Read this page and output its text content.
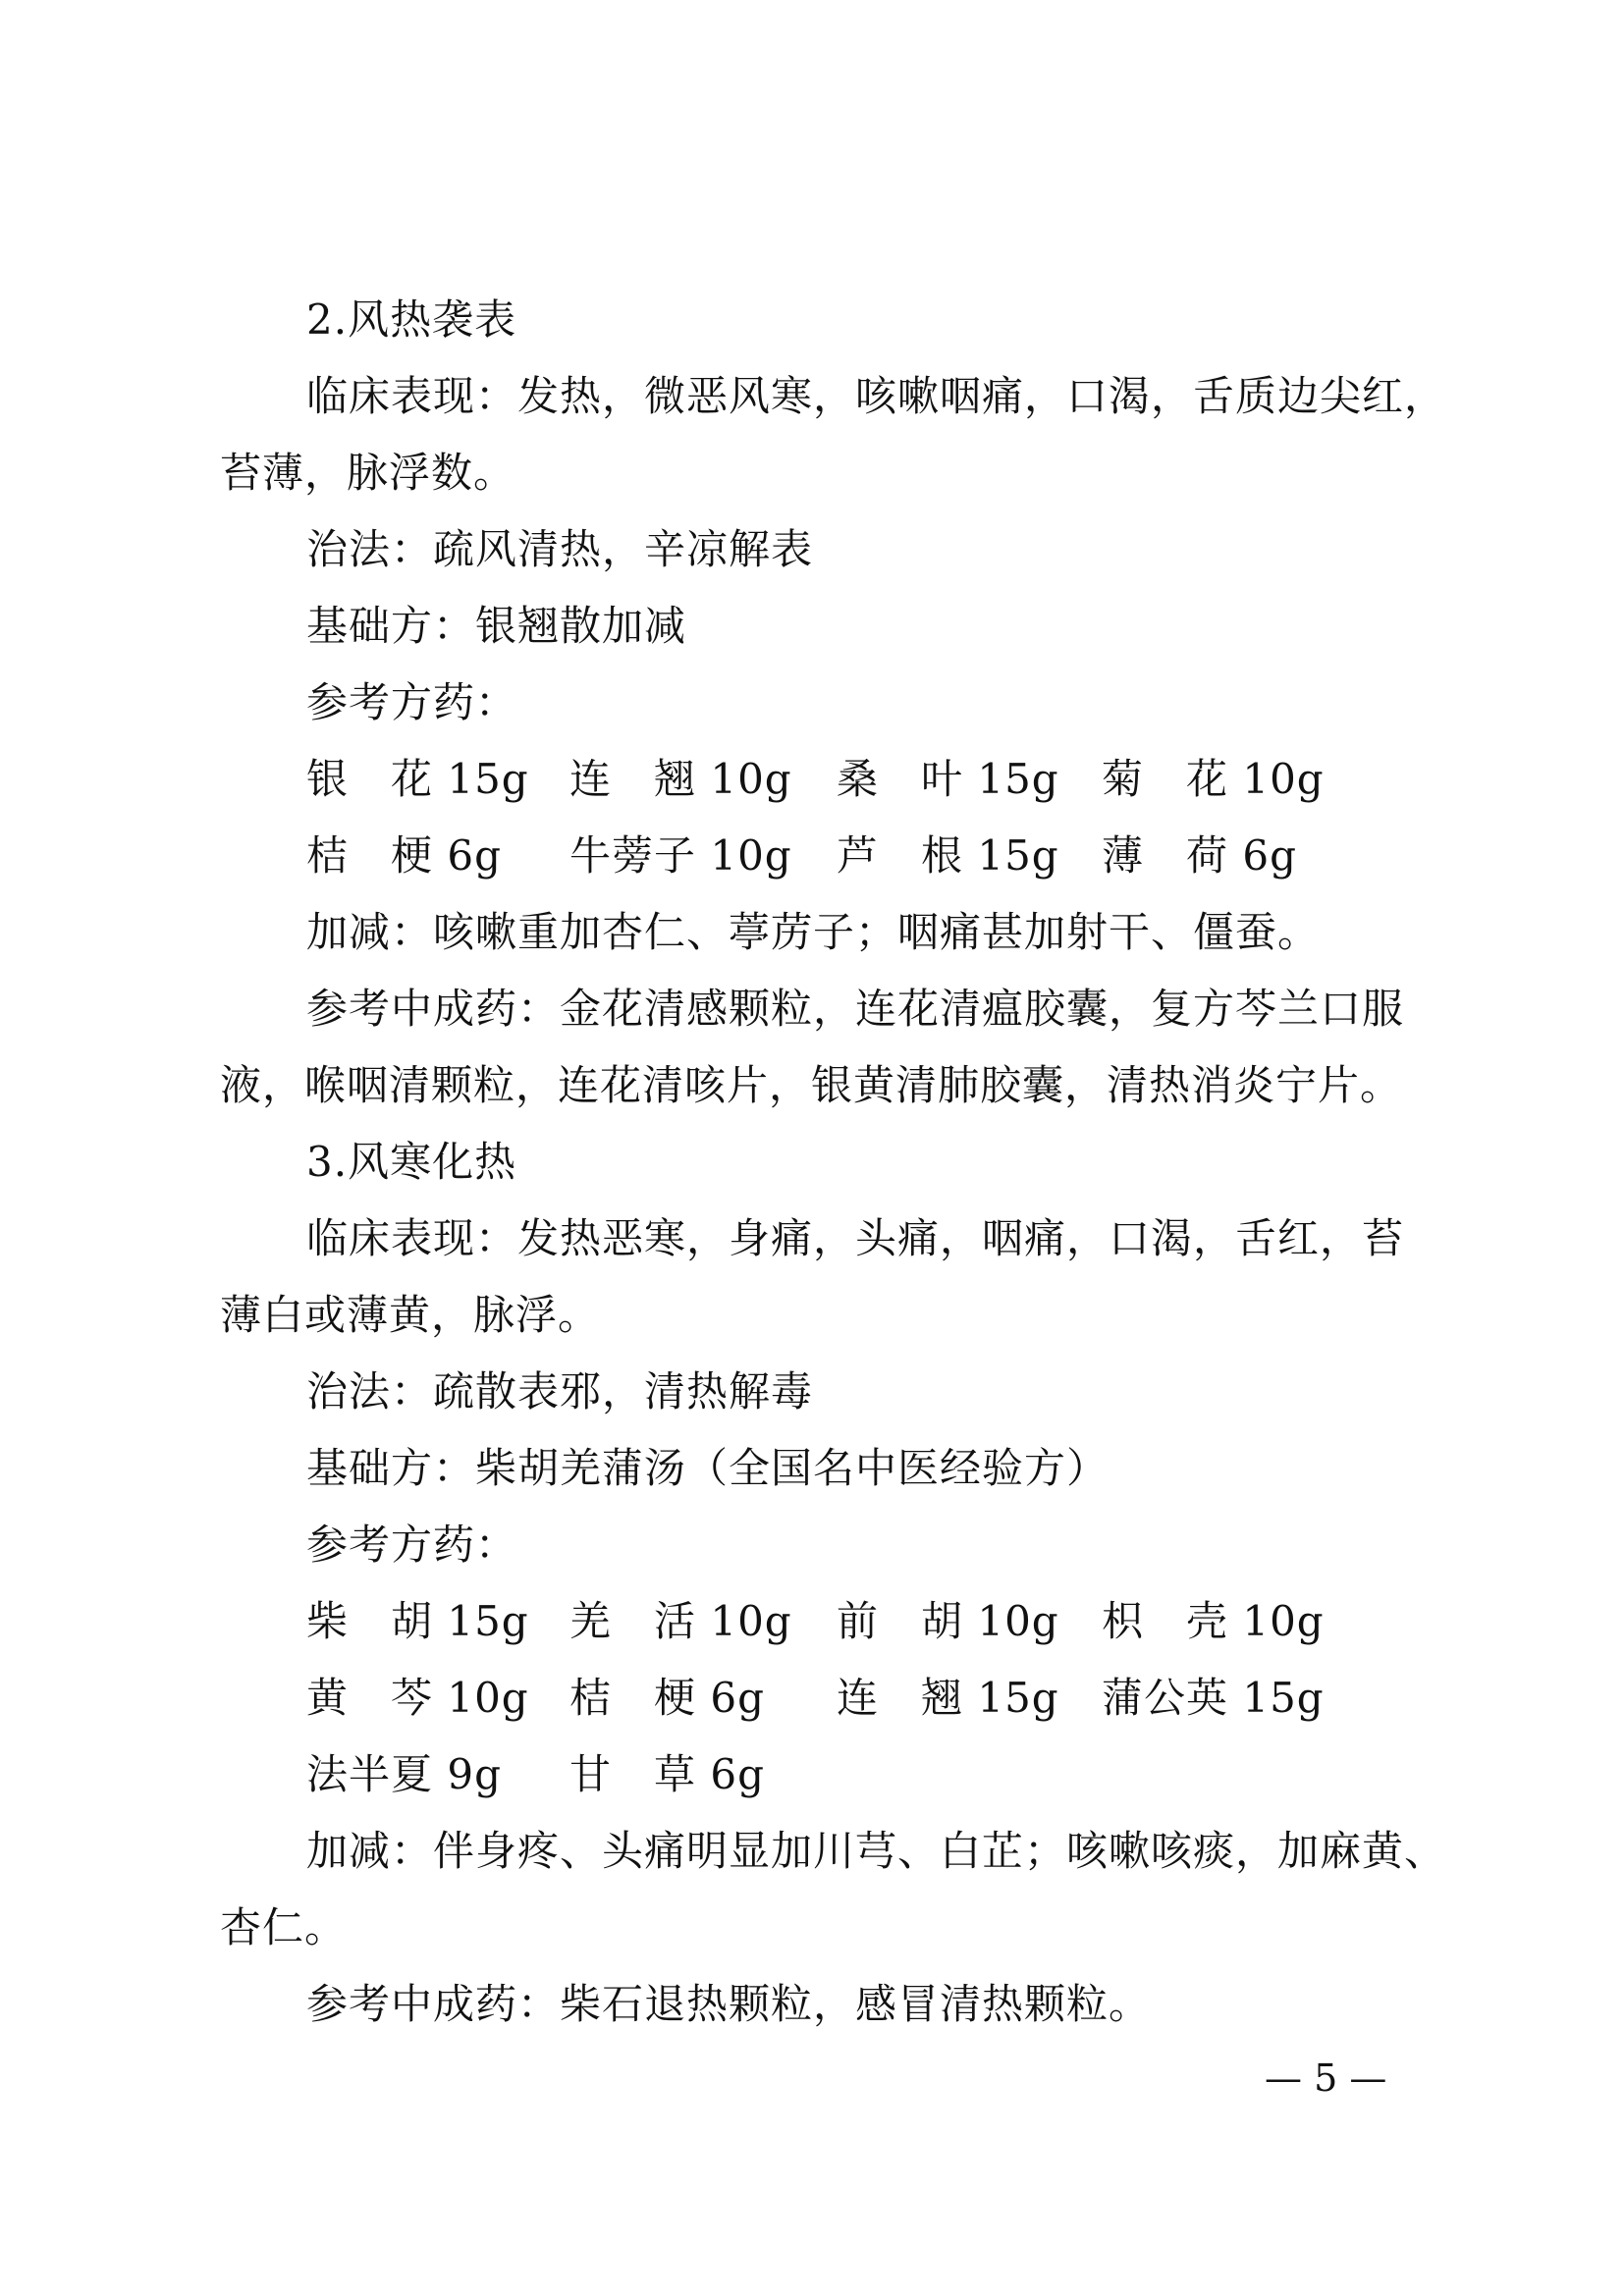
2.风热袭表
临床表现：发热，微恶风寒，咳嗽咽痛，口渴，舌质边尖红，
苔薄，脉浮数。
治法：疏风清热，辛凉解表
基础方：银翘散加减
参考方药：
银　花 15g 连　翘 10g 桑　叶 15g 菊　花 10g
桔　梗 6g 牛蒡子 10g 芦　根 15g 薄　荷 6g
加减：咳嗽重加杏仁、葶苈子；咽痛甚加射干、僵蚕。
参考中成药：金花清感颗粒，连花清瘟胶囊，复方芩兰口服
液，喉咽清颗粒，连花清咳片，银黄清肺胶囊，清热消炎宁片。
3.风寒化热
临床表现：发热恶寒，身痛，头痛，咽痛，口渴，舌红，苔
薄白或薄黄，脉浮。
治法：疏散表邪，清热解毒
基础方：柴胡羌蒲汤（全国名中医经验方）
参考方药：
柴　胡 15g 羌　活 10g 前　胡 10g 枳　壳 10g
黄　芩 10g 桔　梗 6g 连　翘 15g 蒲公英 15g
法半夏 9g 甘　草 6g
加减：伴身疼、头痛明显加川芎、白芷；咳嗽咳痰，加麻黄、
杏仁。
参考中成药：柴石退热颗粒，感冒清热颗粒。
— 5 —
